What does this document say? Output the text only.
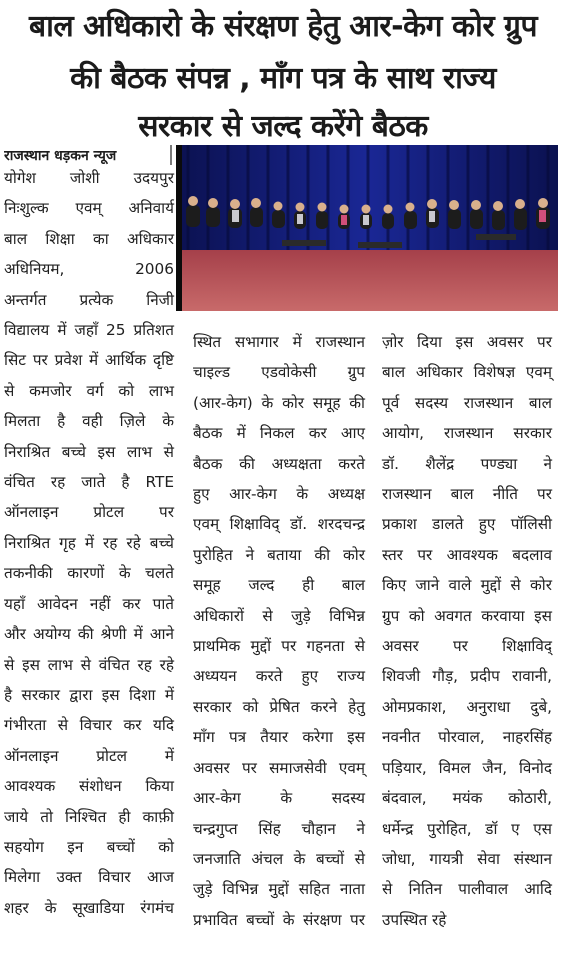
बाल अधिकारो के संरक्षण हेतु आर-केग कोर ग्रुप
की बैठक संपन्न , माँग पत्र के साथ राज्य
सरकार से जल्द करेंगे बैठक
राजस्थान धड़कन न्यूज

योगेश जोशी उदयपुर

निःशुल्क एवम् अनिवार्य

बाल शिक्षा का अधिकार

अधिनियम, 2006

अन्तर्गत प्रत्येक निजी

विद्यालय में जहाँ 25 प्रतिशत

सिट पर प्रवेश में आर्थिक दृष्टि

से कमजोर वर्ग को लाभ

मिलता है वही ज़िले के

निराश्रित बच्चे इस लाभ से

वंचित रह जाते है RTE

ऑनलाइन प्रोटल पर

निराश्रित गृह में रह रहे बच्चे

तकनीकी कारणों के चलते

यहाँ आवेदन नहीं कर पाते

और अयोग्य की श्रेणी में आने

से इस लाभ से वंचित रह रहे

है सरकार द्वारा इस दिशा में

गंभीरता से विचार कर यदि

ऑनलाइन प्रोटल में

आवश्यक संशोधन किया

जाये तो निश्चित ही काफ़ी

सहयोग इन बच्चों को

मिलेगा उक्त विचार आज

शहर के सूखाडिया रंगमंच

स्थित सभागार में राजस्थान

चाइल्ड एडवोकेसी ग्रुप

(आर-केग) के कोर समूह की

बैठक में निकल कर आए

बैठक की अध्यक्षता करते

हुए आर-केग के अध्यक्ष

एवम् शिक्षाविद् डॉ. शरदचन्द्र

पुरोहित ने बताया की कोर

समूह जल्द ही बाल

अधिकारों से जुड़े विभिन्न

प्राथमिक मुद्दों पर गहनता से

अध्ययन करते हुए राज्य

सरकार को प्रेषित करने हेतु

माँग पत्र तैयार करेगा इस

अवसर पर समाजसेवी एवम्

आर-केग के सदस्य

चन्द्रगुप्त सिंह चौहान ने

जनजाति अंचल के बच्चों से

जुड़े विभिन्न मुद्दों सहित नाता

प्रभावित बच्चों के संरक्षण पर

ज़ोर दिया इस अवसर पर

बाल अधिकार विशेषज्ञ एवम्

पूर्व सदस्य राजस्थान बाल

आयोग, राजस्थान सरकार

डॉ. शैलेंद्र पण्ड्या ने

राजस्थान बाल नीति पर

प्रकाश डालते हुए पॉलिसी

स्तर पर आवश्यक बदलाव

किए जाने वाले मुद्दों से कोर

ग्रुप को अवगत करवाया इस

अवसर पर शिक्षाविद्

शिवजी गौड़, प्रदीप रावानी,

ओमप्रकाश, अनुराधा दुबे,

नवनीत पोरवाल, नाहरसिंह

पड़ियार, विमल जैन, विनोद

बंदवाल, मयंक कोठारी,

धर्मेन्द्र पुरोहित, डॉ ए एस

जोधा, गायत्री सेवा संस्थान

से नितिन पालीवाल आदि

उपस्थित रहे
